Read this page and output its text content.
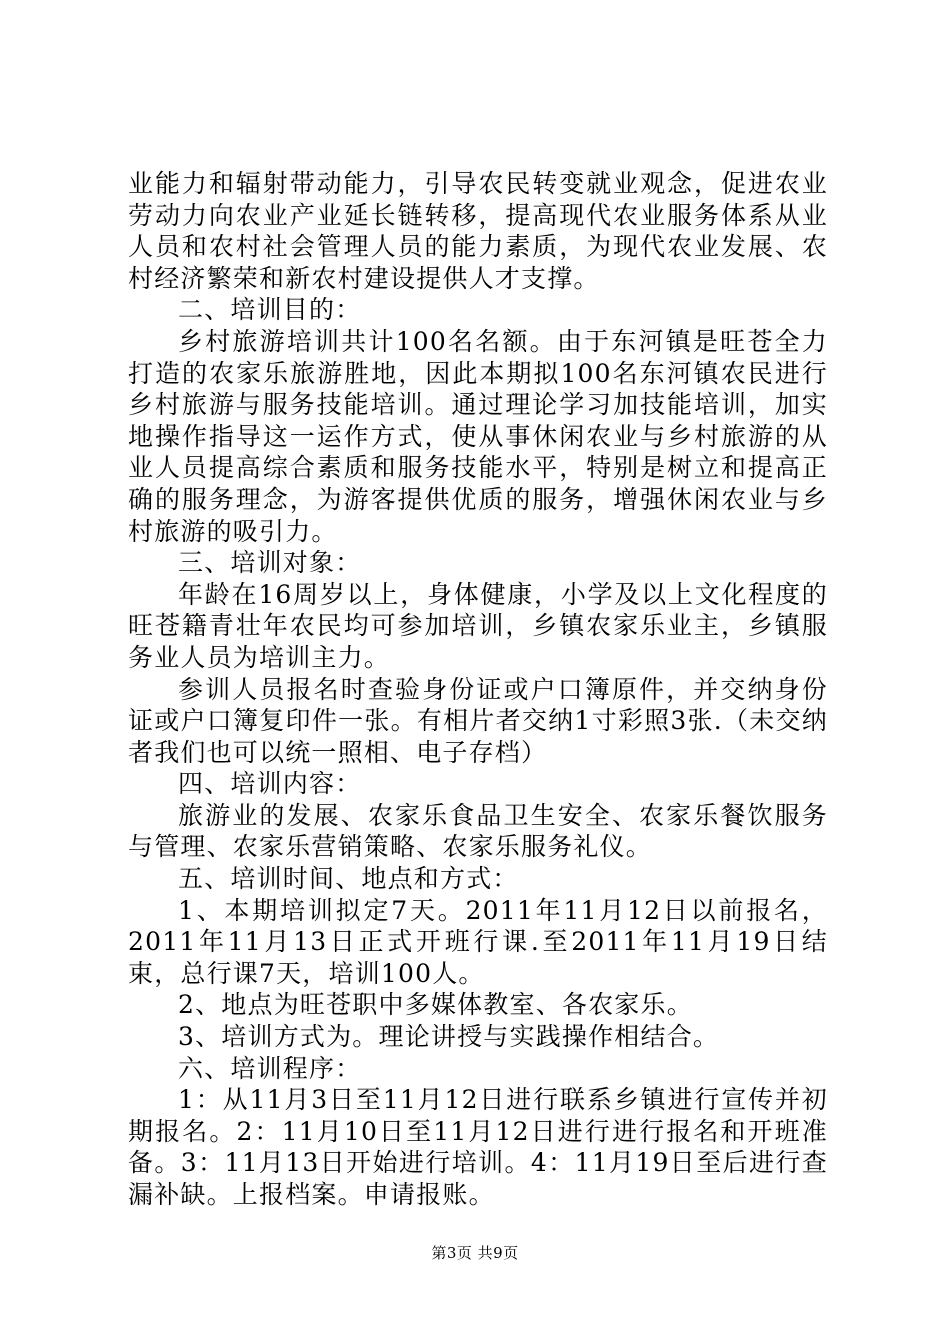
业能力和辐射带动能力，引导农民转变就业观念，促进农业劳动力向农业产业延长链转移，提高现代农业服务体系从业人员和农村社会管理人员的能力素质，为现代农业发展、农村经济繁荣和新农村建设提供人才支撑。

二、培训目的：

乡村旅游培训共计100名名额。由于东河镇是旺苍全力打造的农家乐旅游胜地，因此本期拟100名东河镇农民进行乡村旅游与服务技能培训。通过理论学习加技能培训，加实地操作指导这一运作方式，使从事休闲农业与乡村旅游的从业人员提高综合素质和服务技能水平，特别是树立和提高正确的服务理念，为游客提供优质的服务，增强休闲农业与乡村旅游的吸引力。

三、培训对象：

年龄在16周岁以上，身体健康，小学及以上文化程度的旺苍籍青壮年农民均可参加培训，乡镇农家乐业主，乡镇服务业人员为培训主力。

参训人员报名时查验身份证或户口簿原件，并交纳身份证或户口簿复印件一张。有相片者交纳1寸彩照3张.（未交纳者我们也可以统一照相、电子存档）

四、培训内容：

旅游业的发展、农家乐食品卫生安全、农家乐餐饮服务与管理、农家乐营销策略、农家乐服务礼仪。

五、培训时间、地点和方式：

1、本期培训拟定7天。2011年11月12日以前报名，2011年11月13日正式开班行课.至2011年11月19日结束，总行课7天，培训100人。

2、地点为旺苍职中多媒体教室、各农家乐。

3、培训方式为。理论讲授与实践操作相结合。

六、培训程序：

1：从11月3日至11月12日进行联系乡镇进行宣传并初期报名。2：11月10日至11月12日进行进行报名和开班准备。3：11月13日开始进行培训。4：11月19日至后进行查漏补缺。上报档案。申请报账。

第3页 共9页
